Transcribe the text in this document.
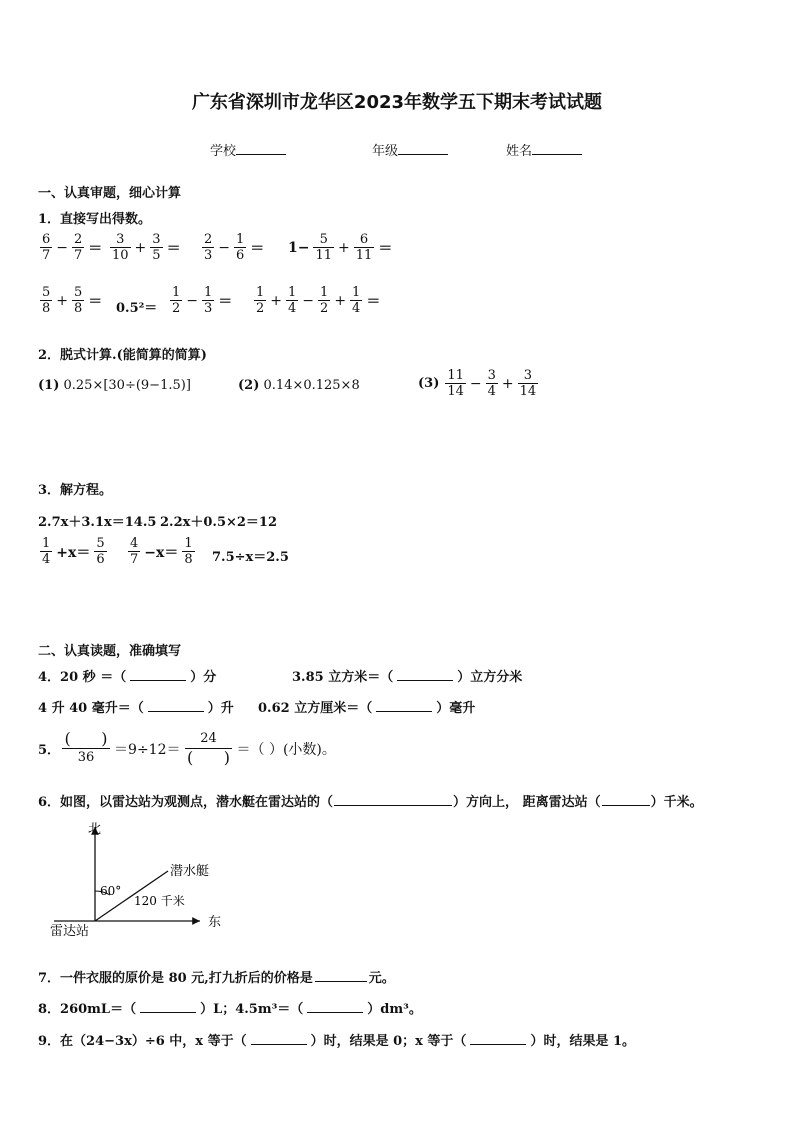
广东省深圳市龙华区2023年数学五下期末考试试题
学校	年级	姓名
一、认真审题，细心计算
1．直接写出得数。
$\frac{6}{7} - \frac{2}{7} = \frac{3}{10} + \frac{3}{5} = \frac{2}{3} - \frac{1}{6} = 1- \frac{5}{11} + \frac{6}{11}$ ＝
$\frac{5}{8} + \frac{5}{8} = 0.5^2= \frac{1}{2} - \frac{1}{3} = \frac{1}{2} + \frac{1}{4} - \frac{1}{2} + \frac{1}{4}$ ＝
2．脱式计算.(能简算的简算)
(1) 0.25×[30÷(9−1.5)]	(2) 0.14×0.125×8	$(3) \frac{11}{14} - \frac{3}{4} + \frac{3}{14}$
3．解方程。
2.7x＋3.1x＝14.5 2.2x＋0.5×2＝12
$\frac{1}{4} +x= \frac{5}{6} \frac{4}{7} -x= \frac{1}{8} 7.5\div x=2.5$
二、认真读题，准确填写
4．20 秒 ＝（	）分	3.85 立方米＝（	）立方分米
4 升 40 毫升＝（	）升 0.62 立方厘米＝（	）毫升
5． $\frac{( )}{36} =9\div 12= \frac{24}{( )}$ ＝（ ）(小数)。
6．如图，以雷达站为观测点，潜水艇在雷达站的（	）方向上， 距离雷达站（	）千米。
北
东
雷达站
潜水艇
60°
120 千米
7．一件衣服的原价是 80 元,打九折后的价格是	元。
8．260mL＝（	）L；4.5m³＝（	）dm³。
9．在（24−3x）÷6 中，x 等于（	）时，结果是 0；x 等于（	）时，结果是 1。
